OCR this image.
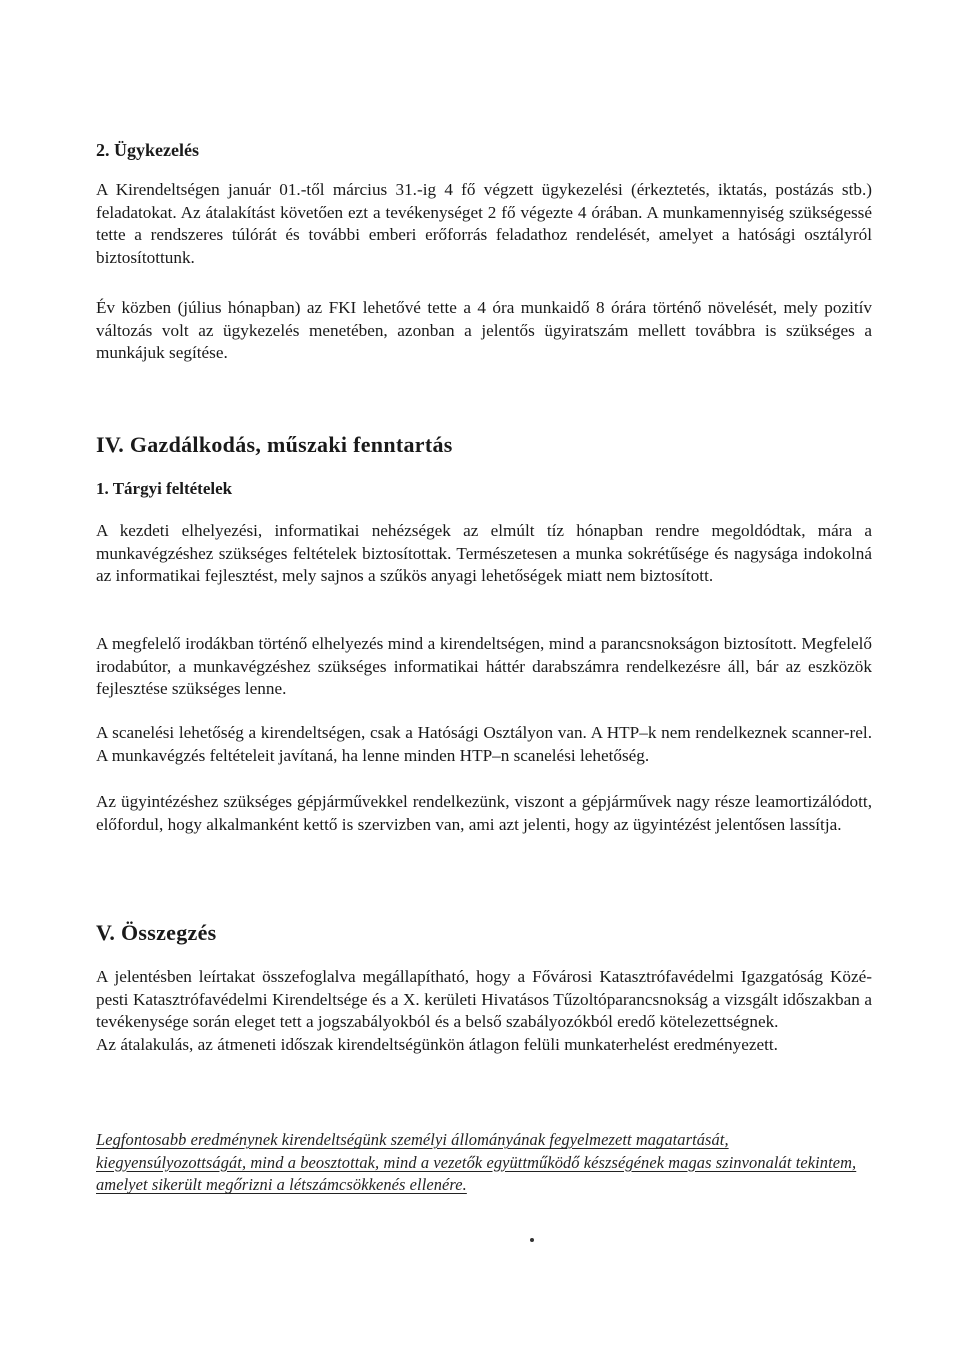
2. Ügykezelés

A Kirendeltségen január 01.-től március 31.-ig 4 fő végzett ügykezelési (érkeztetés, iktatás, postázás stb.) feladatokat. Az átalakítást követően ezt a tevékenységet 2 fő végezte 4 órában. A munkamennyiség szükségessé tette a rendszeres túlórát és további emberi erőforrás feladathoz rendelését, amelyet a hatósági osztályról biztosítottunk.

Év közben (július hónapban) az FKI lehetővé tette a 4 óra munkaidő 8 órára történő növelését, mely pozitív változás volt az ügykezelés menetében, azonban a jelentős ügyiratszám mellett továbbra is szükséges a munkájuk segítése.

IV. Gazdálkodás, műszaki fenntartás
1. Tárgyi feltételek

A kezdeti elhelyezési, informatikai nehézségek az elmúlt tíz hónapban rendre megoldódtak, mára a munkavégzéshez szükséges feltételek biztosítottak. Természetesen a munka sokrétűsége és nagysága indokolná az informatikai fejlesztést, mely sajnos a szűkös anyagi lehetőségek miatt nem biztosított.

A megfelelő irodákban történő elhelyezés mind a kirendeltségen, mind a parancsnokságon biztosított. Megfelelő irodabútor, a munkavégzéshez szükséges informatikai háttér darabszámra rendelkezésre áll, bár az eszközök fejlesztése szükséges lenne.

A scanelési lehetőség a kirendeltségen, csak a Hatósági Osztályon van. A HTP–k nem rendelkeznek scanner-rel. A munkavégzés feltételeit javítaná, ha lenne minden HTP–n scanelési lehetőség.

Az ügyintézéshez szükséges gépjárművekkel rendelkezünk, viszont a gépjárművek nagy része leamortizálódott, előfordul, hogy alkalmanként kettő is szervizben van, ami azt jelenti, hogy az ügyintézést jelentősen lassítja.

V. Összegzés

A jelentésben leírtakat összefoglalva megállapítható, hogy a Fővárosi Katasztrófavédelmi Igazgatóság Közé-pesti Katasztrófavédelmi Kirendeltsége és a X. kerületi Hivatásos Tűzoltóparancsnokság a vizsgált időszakban a tevékenysége során eleget tett a jogszabályokból és a belső szabályozókból eredő kötelezettségnek.

Az átalakulás, az átmeneti időszak kirendeltségünkön átlagon felüli munkaterhelést eredményezett.

Legfontosabb eredménynek kirendeltségünk személyi állományának fegyelmezett magatartását, kiegyensúlyozottságát, mind a beosztottak, mind a vezetők együttműködő készségének magas szinvonalát tekintem, amelyet sikerült megőrizni a létszámcsökkenés ellenére.
